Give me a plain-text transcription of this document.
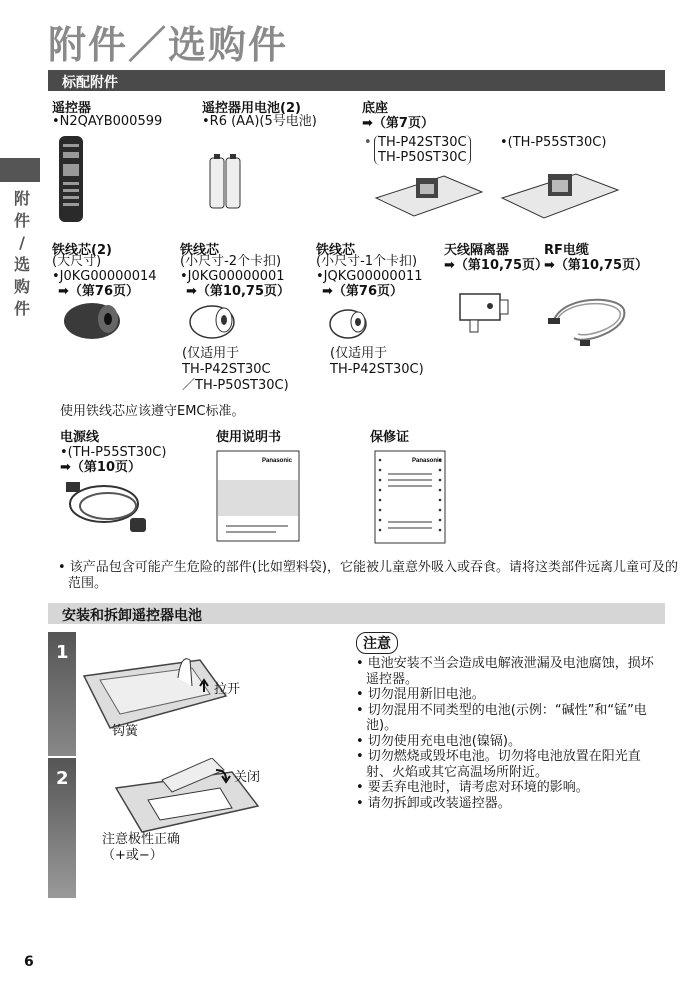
附件／选购件
标配附件
附
件
/
选
购
件
遥控器
•N2QAYB000599
遥控器用电池(2)
•R6 (AA)(5号电池)
底座
➡（第7页）
• TH-P42ST30C
TH-P50ST30C
•(TH-P55ST30C)
铁线芯(2)
(大尺寸)
•J0KG00000014
➡（第76页）
铁线芯
(小尺寸-2个卡扣)
•J0KG00000001
➡（第10,75页）
(仅适用于
TH-P42ST30C
／TH-P50ST30C)
铁线芯
(小尺寸-1个卡扣)
•JQKG00000011
➡（第76页）
(仅适用于
TH-P42ST30C)
天线隔离器
➡（第10,75页）
RF电缆
➡（第10,75页）
使用铁线芯应该遵守EMC标准。
电源线
•(TH-P55ST30C)
➡（第10页）
使用说明书
Panasonic
保修证
Panasonic
• 该产品包含可能产生危险的部件(比如塑料袋)，它能被儿童意外吸入或吞食。请将这类部件远离儿童可及的范围。
安装和拆卸遥控器电池
1
拉开
钩簧
2	关闭
注意极性正确
（+或−）
注意
• 电池安装不当会造成电解液泄漏及电池腐蚀，损坏遥控器。
• 切勿混用新旧电池。
• 切勿混用不同类型的电池(示例：“碱性”和“锰”电池)。
• 切勿使用充电电池(镍镉)。
• 切勿燃烧或毁坏电池。切勿将电池放置在阳光直射、火焰或其它高温场所附近。
• 要丢弃电池时，请考虑对环境的影响。
• 请勿拆卸或改装遥控器。
6
